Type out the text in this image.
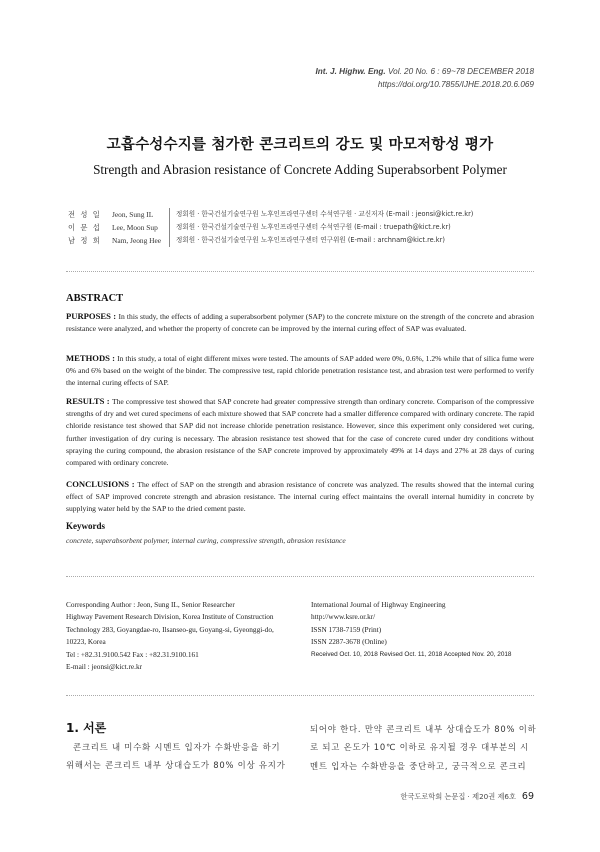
Int. J. Highw. Eng. Vol. 20 No. 6 : 69~78 DECEMBER 2018
https://doi.org/10.7855/IJHE.2018.20.6.069
고흡수성수지를 첨가한 콘크리트의 강도 및 마모저항성 평가
Strength and Abrasion resistance of Concrete Adding Superabsorbent Polymer
전 성 일	Jeon, Sung IL	정회원 · 한국건설기술연구원 노후인프라연구센터 수석연구원 · 교신저자 (E-mail : jeonsi@kict.re.kr)
이 문 섭	Lee, Moon Sup	정회원 · 한국건설기술연구원 노후인프라연구센터 수석연구원 (E-mail : truepath@kict.re.kr)
남 정 희	Nam, Jeong Hee	정회원 · 한국건설기술연구원 노후인프라연구센터 연구위원 (E-mail : archnam@kict.re.kr)
ABSTRACT
PURPOSES : In this study, the effects of adding a superabsorbent polymer (SAP) to the concrete mixture on the strength of the concrete and abrasion resistance were analyzed, and whether the property of concrete can be improved by the internal curing effect of SAP was evaluated.
METHODS : In this study, a total of eight different mixes were tested. The amounts of SAP added were 0%, 0.6%, 1.2% while that of silica fume were 0% and 6% based on the weight of the binder. The compressive test, rapid chloride penetration resistance test, and abrasion test were performed to verify the internal curing effects of SAP.
RESULTS : The compressive test showed that SAP concrete had greater compressive strength than ordinary concrete. Comparison of the compressive strengths of dry and wet cured specimens of each mixture showed that SAP concrete had a smaller difference compared with ordinary concrete. The rapid chloride resistance test showed that SAP did not increase chloride penetration resistance. However, since this experiment only considered wet curing, further investigation of dry curing is necessary. The abrasion resistance test showed that for the case of concrete cured under dry conditions without spraying the curing compound, the abrasion resistance of the SAP concrete improved by approximately 49% at 14 days and 27% at 28 days of curing compared with ordinary concrete.
CONCLUSIONS : The effect of SAP on the strength and abrasion resistance of concrete was analyzed. The results showed that the internal curing effect of SAP improved concrete strength and abrasion resistance. The internal curing effect maintains the overall internal humidity in concrete by supplying water held by the SAP to the dried cement paste.
Keywords
concrete, superabsorbent polymer, internal curing, compressive strength, abrasion resistance
Corresponding Author : Jeon, Sung IL, Senior Researcher
Highway Pavement Research Division, Korea Institute of Construction
Technology 283, Goyangdae-ro, Ilsanseo-gu, Goyang-si, Gyeonggi-do,
10223, Korea
Tel : +82.31.9100.542 Fax : +82.31.9100.161
E-mail : jeonsi@kict.re.kr
International Journal of Highway Engineering
http://www.ksre.or.kr/
ISSN 1738-7159 (Print)
ISSN 2287-3678 (Online)
Received Oct. 10, 2018 Revised Oct. 11, 2018 Accepted Nov. 20, 2018
1. 서론
콘크리트 내 미수화 시멘트 입자가 수화반응을 하기
위해서는 콘크리트 내부 상대습도가 80% 이상 유지가
되어야 한다. 만약 콘크리트 내부 상대습도가 80% 이하
로 되고 온도가 10℃ 이하로 유지될 경우 대부분의 시
멘트 입자는 수화반응을 중단하고, 궁극적으로 콘크리
한국도로학회 논문집 · 제20권 제6호 69
